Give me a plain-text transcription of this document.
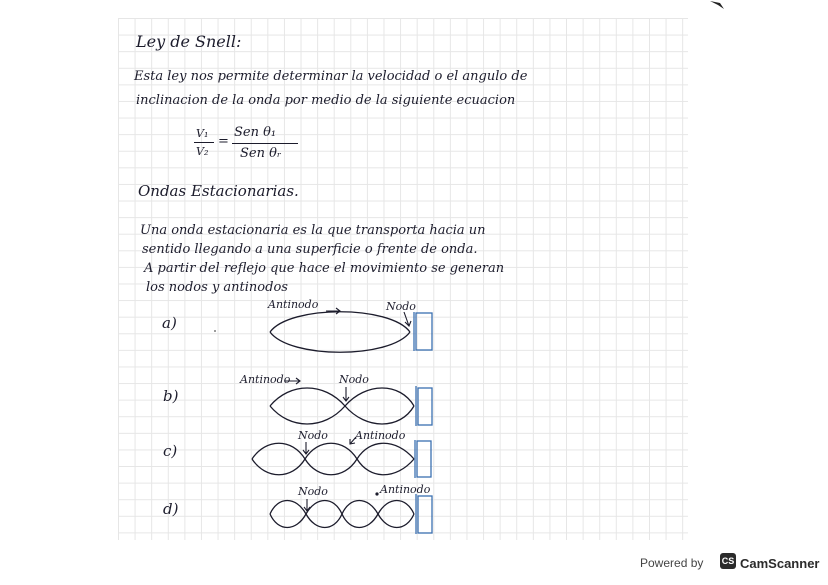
Ley de Snell:
Esta ley nos permite determinar la velocidad o el angulo de
inclinacion de la onda por medio de la siguiente ecuacion
V₁
V₂
=
Sen θ₁
Sen θᵣ
Ondas Estacionarias.
Una onda estacionaria es la que transporta hacia un
sentido llegando a una superficie o frente de onda.
A partir del reflejo que hace el movimiento se generan
los nodos y antinodos
a)
Antinodo	Nodo
b)
Antinodo	Nodo
c)
Nodo Antinodo
d)
Nodo	Antinodo
Powered by CS CamScanner
